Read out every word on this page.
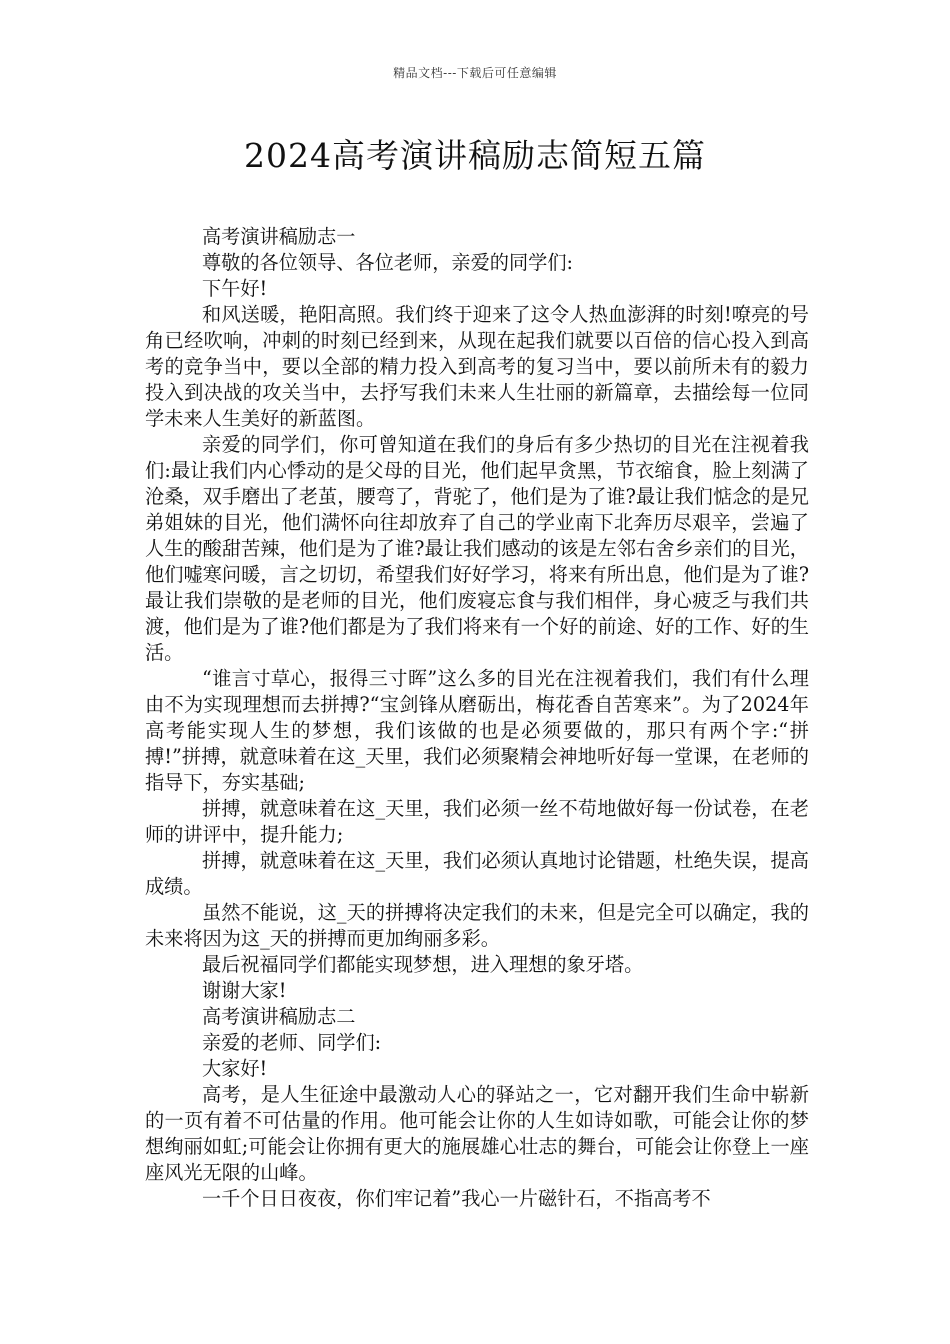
精品文档---下载后可任意编辑
2024高考演讲稿励志简短五篇

高考演讲稿励志一

尊敬的各位领导、各位老师，亲爱的同学们:

下午好!

和风送暖，艳阳高照。我们终于迎来了这令人热血澎湃的时刻!嘹亮的号角已经吹响，冲刺的时刻已经到来，从现在起我们就要以百倍的信心投入到高考的竞争当中，要以全部的精力投入到高考的复习当中，要以前所未有的毅力投入到决战的攻关当中，去抒写我们未来人生壮丽的新篇章，去描绘每一位同学未来人生美好的新蓝图。

亲爱的同学们，你可曾知道在我们的身后有多少热切的目光在注视着我们:最让我们内心悸动的是父母的目光，他们起早贪黑，节衣缩食，脸上刻满了沧桑，双手磨出了老茧，腰弯了，背驼了，他们是为了谁?最让我们惦念的是兄弟姐妹的目光，他们满怀向往却放弃了自己的学业南下北奔历尽艰辛，尝遍了人生的酸甜苦辣，他们是为了谁?最让我们感动的该是左邻右舍乡亲们的目光，他们嘘寒问暖，言之切切，希望我们好好学习，将来有所出息，他们是为了谁?最让我们崇敬的是老师的目光，他们废寝忘食与我们相伴，身心疲乏与我们共渡，他们是为了谁?他们都是为了我们将来有一个好的前途、好的工作、好的生活。

“谁言寸草心，报得三寸晖”这么多的目光在注视着我们，我们有什么理由不为实现理想而去拼搏?“宝剑锋从磨砺出，梅花香自苦寒来”。为了2024年高考能实现人生的梦想，我们该做的也是必须要做的，那只有两个字:“拼搏!”拼搏，就意味着在这_天里，我们必须聚精会神地听好每一堂课，在老师的指导下，夯实基础;

拼搏，就意味着在这_天里，我们必须一丝不苟地做好每一份试卷，在老师的讲评中，提升能力;

拼搏，就意味着在这_天里，我们必须认真地讨论错题，杜绝失误，提高成绩。

虽然不能说，这_天的拼搏将决定我们的未来，但是完全可以确定，我的未来将因为这_天的拼搏而更加绚丽多彩。

最后祝福同学们都能实现梦想，进入理想的象牙塔。

谢谢大家!

高考演讲稿励志二

亲爱的老师、同学们:

大家好!

高考，是人生征途中最激动人心的驿站之一，它对翻开我们生命中崭新的一页有着不可估量的作用。他可能会让你的人生如诗如歌，可能会让你的梦想绚丽如虹;可能会让你拥有更大的施展雄心壮志的舞台，可能会让你登上一座座风光无限的山峰。

一千个日日夜夜，你们牢记着”我心一片磁针石，不指高考不
